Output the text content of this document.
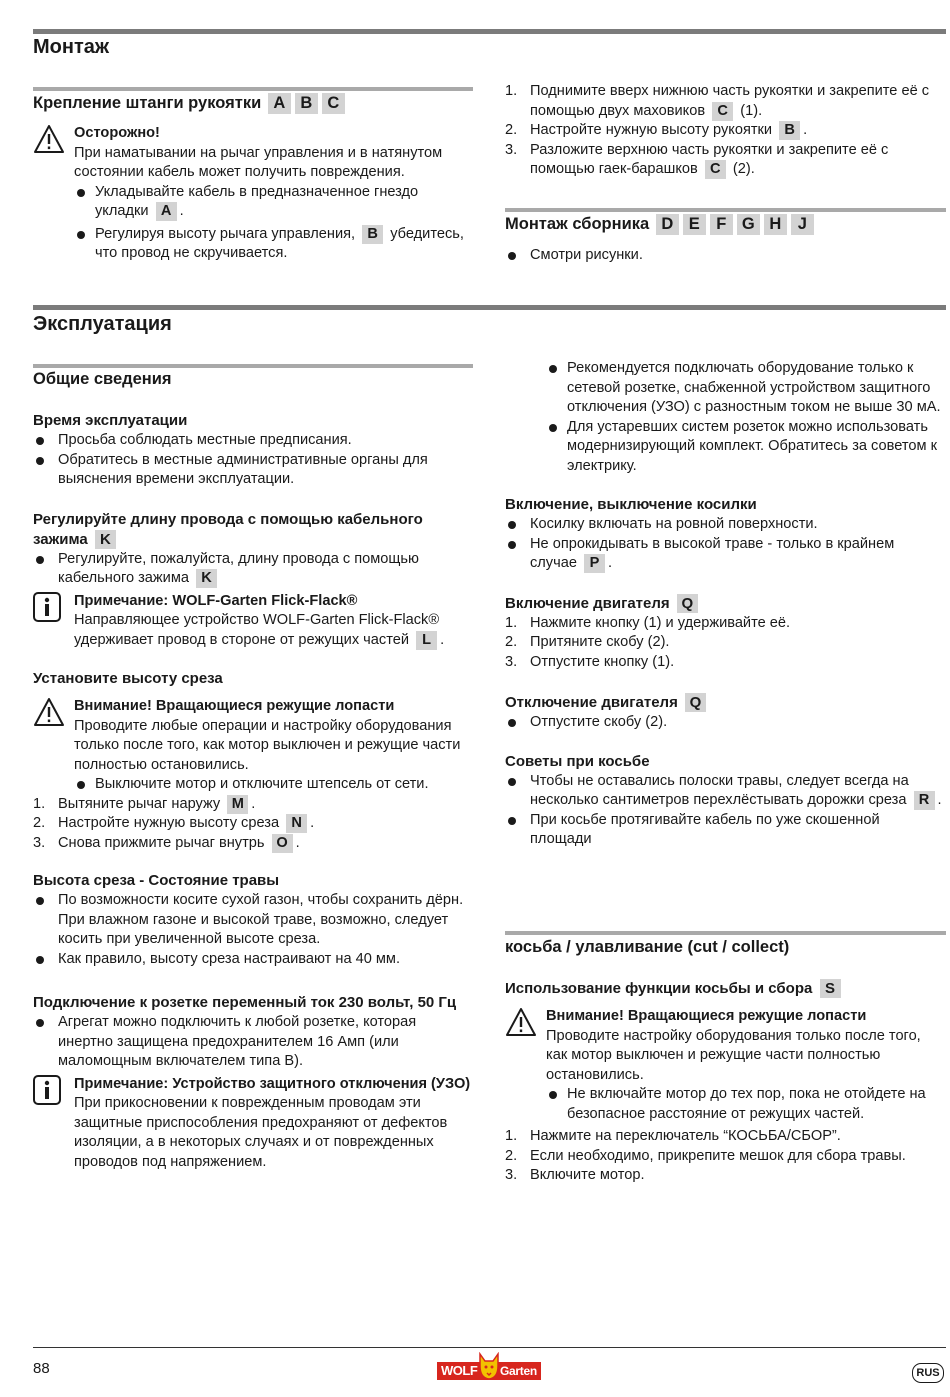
Монтаж
Крепление штанги рукоятки A B C
Осторожно!
При наматывании на рычаг управления и в натянутом состоянии кабель может получить повреждения.
Укладывайте кабель в предназначенное гнездо укладки A .
Регулируя высоту рычага управления, B убедитесь, что провод не скручивается.
1. Поднимите вверх нижнюю часть рукоятки и закрепите её с помощью двух маховиков C (1).
2. Настройте нужную высоту рукоятки B .
3. Разложите верхнюю часть рукоятки и закрепите её с помощью гаек-барашков C (2).
Монтаж сборника D E F G H J
Смотри рисунки.
Эксплуатация
Общие сведения
Время эксплуатации
Просьба соблюдать местные предписания.
Обратитесь в местные административные органы для выяснения времени эксплуатации.
Регулируйте длину провода с помощью кабельного зажима K
Регулируйте, пожалуйста, длину провода с помощью кабельного зажима K
Примечание: WOLF-Garten Flick-Flack®
Направляющее устройство WOLF-Garten Flick-Flack® удерживает провод в стороне от режущих частей L .
Установите высоту среза
Внимание! Вращающиеся режущие лопасти
Проводите любые операции и настройку оборудования только после того, как мотор выключен и режущие части полностью остановились.
Выключите мотор и отключите штепсель от сети.
1. Вытяните рычаг наружу M .
2. Настройте нужную высоту среза N .
3. Снова прижмите рычаг внутрь O .
Высота среза - Состояние травы
По возможности косите сухой газон, чтобы сохранить дёрн. При влажном газоне и высокой траве, возможно, следует косить при увеличенной высоте среза.
Как правило, высоту среза настраивают на 40 мм.
Подключение к розетке переменный ток 230 вольт, 50 Гц
Агрегат можно подключить к любой розетке, которая инертно защищена предохранителем 16 Амп (или маломощным включателем типа В).
Примечание: Устройство защитного отключения (УЗО)
При прикосновении к поврежденным проводам эти защитные приспособления предохраняют от дефектов изоляции, а в некоторых случаях и от поврежденных проводов под напряжением.
Рекомендуется подключать оборудование только к сетевой розетке, снабженной устройством защитного отключения (УЗО) с разностным током не выше 30 мА.
Для устаревших систем розеток можно использовать модернизирующий комплект. Обратитесь за советом к электрику.
Включение, выключение косилки
Косилку включать на ровной поверхности.
Не опрокидывать в высокой траве - только в крайнем случае P .
Включение двигателя Q
1. Нажмите кнопку (1) и удерживайте её.
2. Притяните скобу (2).
3. Отпустите кнопку (1).
Отключение двигателя Q
Отпустите скобу (2).
Советы при косьбе
Чтобы не оставались полоски травы, следует всегда на несколько сантиметров перехлёстывать дорожки среза R .
При косьбе протягивайте кабель по уже скошенной площади
косьба / улавливание (cut / collect)
Использование функции косьбы и сбора S
Внимание! Вращающиеся режущие лопасти
Проводите настройку оборудования только после того, как мотор выключен и режущие части полностью остановились.
Не включайте мотор до тех пор, пока не отойдете на безопасное расстояние от режущих частей.
1. Нажмите на переключатель “КОСЬБА/СБОР”.
2. Если необходимо, прикрепите мешок для сбора травы.
3. Включите мотор.
88	WOLF Garten	RUS
